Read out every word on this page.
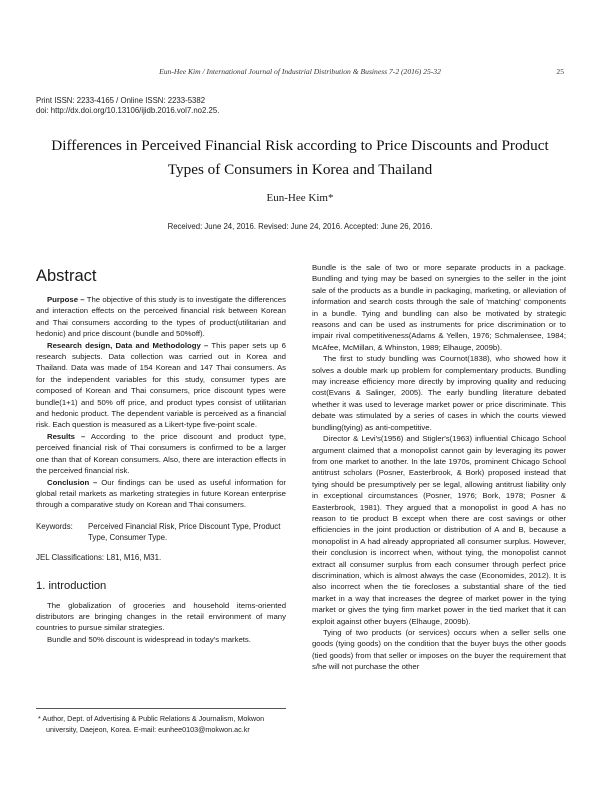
Eun-Hee Kim / International Journal of Industrial Distribution & Business 7-2 (2016) 25-32	25
Print ISSN: 2233-4165 / Online ISSN: 2233-5382
doi: http://dx.doi.org/10.13106/ijidb.2016.vol7.no2.25.
Differences in Perceived Financial Risk according to Price Discounts and Product
Types of Consumers in Korea and Thailand
Eun-Hee Kim*
Received: June 24, 2016. Revised: June 24, 2016. Accepted: June 26, 2016.
Abstract

Purpose – The objective of this study is to investigate the differences and interaction effects on the perceived financial risk between Korean and Thai consumers according to the types of product(utilitarian and hedonic) and price discount (bundle and 50%off).

Research design, Data and Methodology – This paper sets up 6 research subjects. Data collection was carried out in Korea and Thailand. Data was made of 154 Korean and 147 Thai consumers. As for the independent variables for this study, consumer types are composed of Korean and Thai consumers, price discount types were bundle(1+1) and 50% off price, and product types consist of utilitarian and hedonic product. The dependent variable is perceived as a financial risk. Each question is measured as a Likert-type five-point scale.

Results – According to the price discount and product type, perceived financial risk of Thai consumers is confirmed to be a larger one than that of Korean consumers. Also, there are interaction effects in the perceived financial risk.

Conclusion – Our findings can be used as useful information for global retail markets as marketing strategies in future Korean enterprise through a comparative study on Korean and Thai consumers.

Keywords:	Perceived Financial Risk, Price Discount Type, Product Type, Consumer Type.
JEL Classifications: L81, M16, M31.
1. introduction

The globalization of groceries and household items-oriented distributors are bringing changes in the retail environment of many countries to pursue similar strategies.

Bundle and 50% discount is widespread in today's markets.

* Author, Dept. of Advertising & Public Relations & Journalism, Mokwon university, Daejeon, Korea. E-mail: eunhee0103@mokwon.ac.kr

Bundle is the sale of two or more separate products in a package. Bundling and tying may be based on synergies to the seller in the joint sale of the products as a bundle in packaging, marketing, or alleviation of information and search costs through the sale of 'matching' components in a bundle. Tying and bundling can also be motivated by strategic reasons and can be used as instruments for price discrimination or to impair rival competitiveness(Adams & Yellen, 1976; Schmalensee, 1984; McAfee, McMillan, & Whinston, 1989; Elhauge, 2009b).

The first to study bundling was Cournot(1838), who showed how it solves a double mark up problem for complementary products. Bundling may increase efficiency more directly by improving quality and reducing cost(Evans & Salinger, 2005). The early bundling literature debated whether it was used to leverage market power or price discriminate. This debate was stimulated by a series of cases in which the courts viewed bundling(tying) as anti-competitive.

Director & Levi's(1956) and Stigler's(1963) influential Chicago School argument claimed that a monopolist cannot gain by leveraging its power from one market to another. In the late 1970s, prominent Chicago School antitrust scholars (Posner, Easterbrook, & Bork) proposed instead that tying should be presumptively per se legal, allowing antitrust liability only in exceptional circumstances (Posner, 1976; Bork, 1978; Posner & Easterbrook, 1981). They argued that a monopolist in good A has no reason to tie product B except when there are cost savings or other efficiencies in the joint production or distribution of A and B, because a monopolist in A had already appropriated all consumer surplus. However, their conclusion is incorrect when, without tying, the monopolist cannot extract all consumer surplus from each consumer through perfect price discrimination, which is almost always the case (Economides, 2012). It is also incorrect when the tie forecloses a substantial share of the tied market in a way that increases the degree of market power in the tying market or gives the tying firm market power in the tied market that it can exploit against other buyers (Elhauge, 2009b).

Tying of two products (or services) occurs when a seller sells one goods (tying goods) on the condition that the buyer buys the other goods (tied goods) from that seller or imposes on the buyer the requirement that s/he will not purchase the other
